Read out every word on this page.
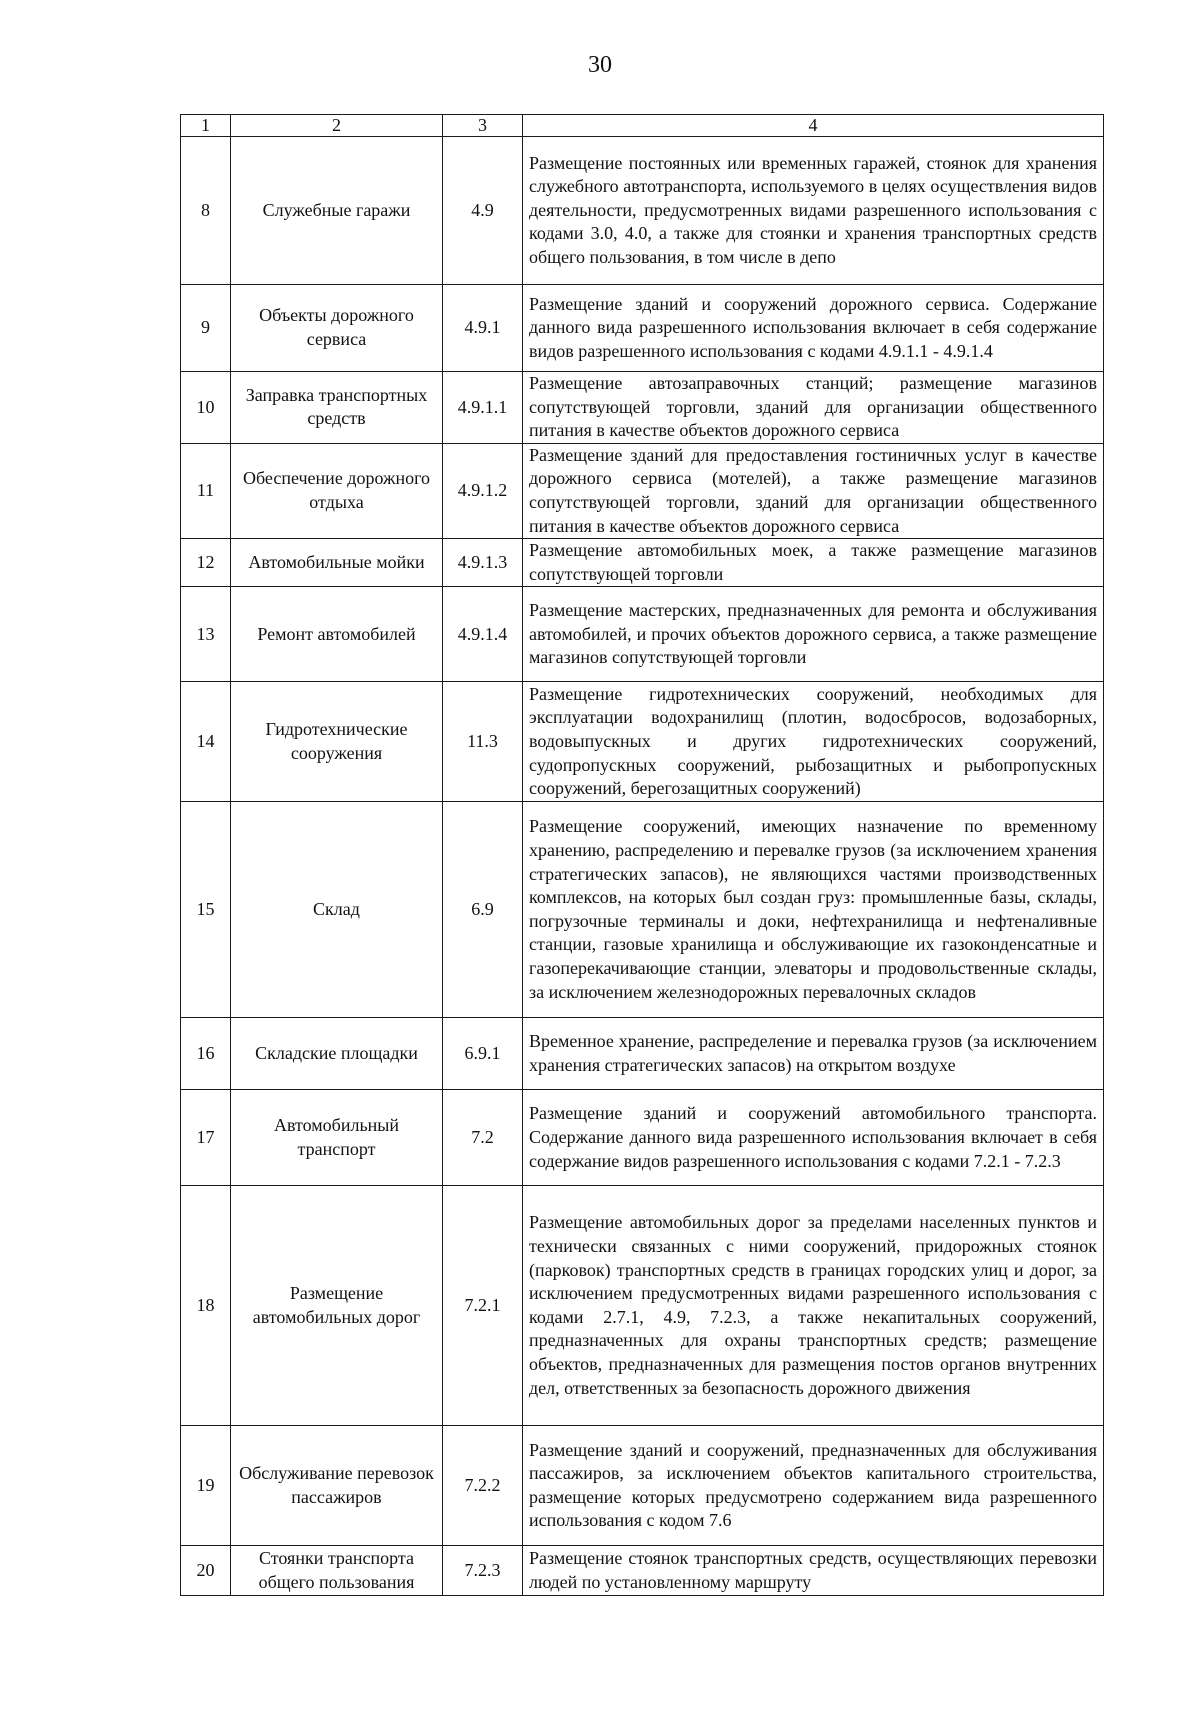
30
1	2	3	4
8	Служебные гаражи	4.9	Размещение постоянных или временных гаражей, стоянок для хранения служебного автотранспорта, используемого в целях осуществления видов деятельности, предусмотренных видами разрешенного использования с кодами 3.0, 4.0, а также для стоянки и хранения транспортных средств общего пользования, в том числе в депо
9	Объекты дорожного сервиса	4.9.1	Размещение зданий и сооружений дорожного сервиса. Содержание данного вида разрешенного использования включает в себя содержание видов разрешенного использования с кодами 4.9.1.1 - 4.9.1.4
10	Заправка транспортных средств	4.9.1.1	Размещение автозаправочных станций; размещение магазинов сопутствующей торговли, зданий для организации общественного питания в качестве объектов дорожного сервиса
11	Обеспечение дорожного отдыха	4.9.1.2	Размещение зданий для предоставления гостиничных услуг в качестве дорожного сервиса (мотелей), а также размещение магазинов сопутствующей торговли, зданий для организации общественного питания в качестве объектов дорожного сервиса
12	Автомобильные мойки	4.9.1.3	Размещение автомобильных моек, а также размещение магазинов сопутствующей торговли
13	Ремонт автомобилей	4.9.1.4	Размещение мастерских, предназначенных для ремонта и обслуживания автомобилей, и прочих объектов дорожного сервиса, а также размещение магазинов сопутствующей торговли
14	Гидротехнические сооружения	11.3	Размещение гидротехнических сооружений, необходимых для эксплуатации водохранилищ (плотин, водосбросов, водозаборных, водовыпускных и других гидротехнических сооружений, судопропускных сооружений, рыбозащитных и рыбопропускных сооружений, берегозащитных сооружений)
15	Склад	6.9	Размещение сооружений, имеющих назначение по временному хранению, распределению и перевалке грузов (за исключением хранения стратегических запасов), не являющихся частями производственных комплексов, на которых был создан груз: промышленные базы, склады, погрузочные терминалы и доки, нефтехранилища и нефтеналивные станции, газовые хранилища и обслуживающие их газоконденсатные и газоперекачивающие станции, элеваторы и продовольственные склады, за исключением железнодорожных перевалочных складов
16	Складские площадки	6.9.1	Временное хранение, распределение и перевалка грузов (за исключением хранения стратегических запасов) на открытом воздухе
17	Автомобильный транспорт	7.2	Размещение зданий и сооружений автомобильного транспорта. Содержание данного вида разрешенного использования включает в себя содержание видов разрешенного использования с кодами 7.2.1 - 7.2.3
18	Размещение автомобильных дорог	7.2.1	Размещение автомобильных дорог за пределами населенных пунктов и технически связанных с ними сооружений, придорожных стоянок (парковок) транспортных средств в границах городских улиц и дорог, за исключением предусмотренных видами разрешенного использования с кодами 2.7.1, 4.9, 7.2.3, а также некапитальных сооружений, предназначенных для охраны транспортных средств; размещение объектов, предназначенных для размещения постов органов внутренних дел, ответственных за безопасность дорожного движения
19	Обслуживание перевозок пассажиров	7.2.2	Размещение зданий и сооружений, предназначенных для обслуживания пассажиров, за исключением объектов капитального строительства, размещение которых предусмотрено содержанием вида разрешенного использования с кодом 7.6
20	Стоянки транспорта общего пользования	7.2.3	Размещение стоянок транспортных средств, осуществляющих перевозки людей по установленному маршруту
